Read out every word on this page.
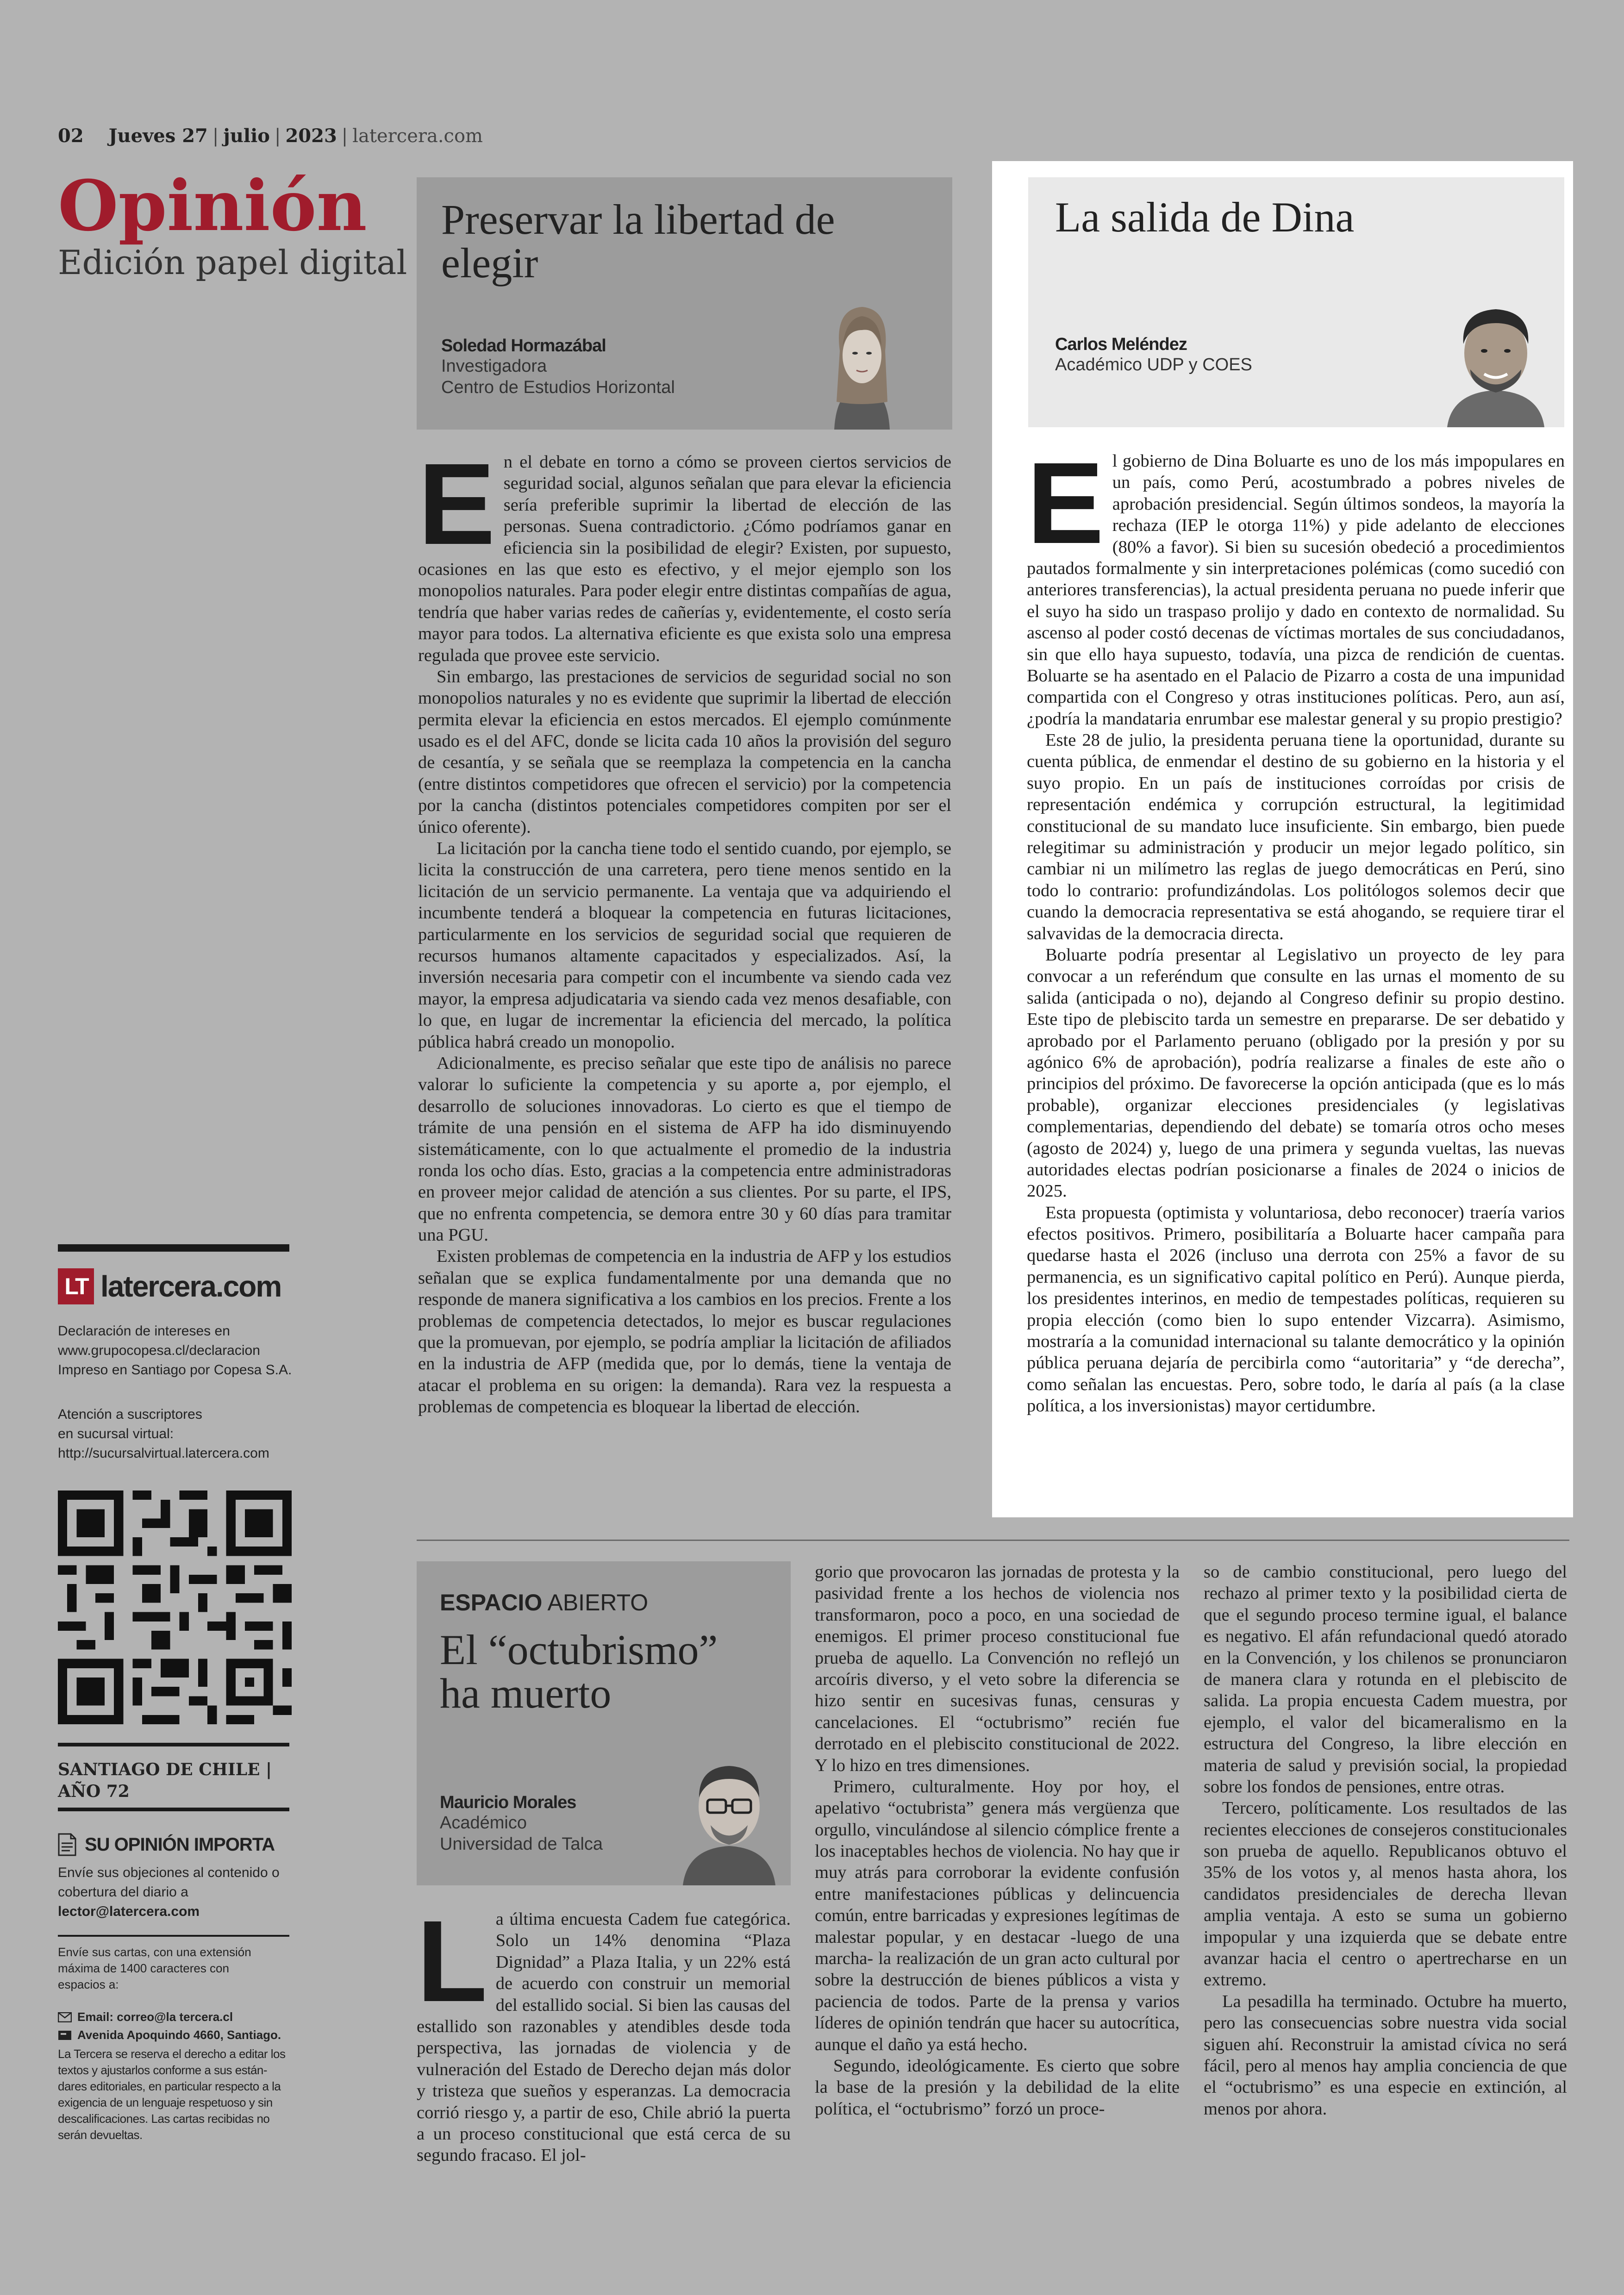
02 Jueves 27 | julio | 2023 | latercera.com
Opinión
Edición papel digital
Preservar la libertad de elegir
Soledad Hormazábal
Investigadora
Centro de Estudios Horizontal

En el debate en torno a cómo se proveen ciertos servicios de seguridad social, algunos señalan que para elevar la eficiencia sería preferible suprimir la libertad de elección de las personas. Suena contradictorio. ¿Cómo podríamos ganar en eficiencia sin la posibilidad de elegir? Existen, por supuesto, ocasiones en las que esto es efectivo, y el mejor ejemplo son los monopolios naturales. Para poder elegir entre distintas compañías de agua, tendría que haber varias redes de cañerías y, evidentemente, el costo sería mayor para todos. La alternativa eficiente es que exista solo una empresa regulada que provee este servicio.

Sin embargo, las prestaciones de servicios de seguridad social no son monopolios naturales y no es evidente que suprimir la libertad de elección permita elevar la eficiencia en estos mercados. El ejemplo comúnmente usado es el del AFC, donde se licita cada 10 años la provisión del seguro de cesantía, y se señala que se reemplaza la competencia en la cancha (entre distintos competidores que ofrecen el servicio) por la competencia por la cancha (distintos potenciales competidores compiten por ser el único oferente).

La licitación por la cancha tiene todo el sentido cuando, por ejemplo, se licita la construcción de una carretera, pero tiene menos sentido en la licitación de un servicio permanente. La ventaja que va adquiriendo el incumbente tenderá a bloquear la competencia en futuras licitaciones, particularmente en los servicios de seguridad social que requieren de recursos humanos altamente capacitados y especializados. Así, la inversión necesaria para competir con el incumbente va siendo cada vez mayor, la empresa adjudicataria va siendo cada vez menos desafiable, con lo que, en lugar de incrementar la eficiencia del mercado, la política pública habrá creado un monopolio.

Adicionalmente, es preciso señalar que este tipo de análisis no parece valorar lo suficiente la competencia y su aporte a, por ejemplo, el desarrollo de soluciones innovadoras. Lo cierto es que el tiempo de trámite de una pensión en el sistema de AFP ha ido disminuyendo sistemáticamente, con lo que actualmente el promedio de la industria ronda los ocho días. Esto, gracias a la competencia entre administradoras en proveer mejor calidad de atención a sus clientes. Por su parte, el IPS, que no enfrenta competencia, se demora entre 30 y 60 días para tramitar una PGU.

Existen problemas de competencia en la industria de AFP y los estudios señalan que se explica fundamentalmente por una demanda que no responde de manera significativa a los cambios en los precios. Frente a los problemas de competencia detectados, lo mejor es buscar regulaciones que la promuevan, por ejemplo, se podría ampliar la licitación de afiliados en la industria de AFP (medida que, por lo demás, tiene la ventaja de atacar el problema en su origen: la demanda). Rara vez la respuesta a problemas de competencia es bloquear la libertad de elección.

La salida de Dina
Carlos Meléndez
Académico UDP y COES

El gobierno de Dina Boluarte es uno de los más impopulares en un país, como Perú, acostumbrado a pobres niveles de aprobación presidencial. Según últimos sondeos, la mayoría la rechaza (IEP le otorga 11%) y pide adelanto de elecciones (80% a favor). Si bien su sucesión obedeció a procedimientos pautados formalmente y sin interpretaciones polémicas (como sucedió con anteriores transferencias), la actual presidenta peruana no puede inferir que el suyo ha sido un traspaso prolijo y dado en contexto de normalidad. Su ascenso al poder costó decenas de víctimas mortales de sus conciudadanos, sin que ello haya supuesto, todavía, una pizca de rendición de cuentas. Boluarte se ha asentado en el Palacio de Pizarro a costa de una impunidad compartida con el Congreso y otras instituciones políticas. Pero, aun así, ¿podría la mandataria enrumbar ese malestar general y su propio prestigio?

Este 28 de julio, la presidenta peruana tiene la oportunidad, durante su cuenta pública, de enmendar el destino de su gobierno en la historia y el suyo propio. En un país de instituciones corroídas por crisis de representación endémica y corrupción estructural, la legitimidad constitucional de su mandato luce insuficiente. Sin embargo, bien puede relegitimar su administración y producir un mejor legado político, sin cambiar ni un milímetro las reglas de juego democráticas en Perú, sino todo lo contrario: profundizándolas. Los politólogos solemos decir que cuando la democracia representativa se está ahogando, se requiere tirar el salvavidas de la democracia directa.

Boluarte podría presentar al Legislativo un proyecto de ley para convocar a un referéndum que consulte en las urnas el momento de su salida (anticipada o no), dejando al Congreso definir su propio destino. Este tipo de plebiscito tarda un semestre en prepararse. De ser debatido y aprobado por el Parlamento peruano (obligado por la presión y por su agónico 6% de aprobación), podría realizarse a finales de este año o principios del próximo. De favorecerse la opción anticipada (que es lo más probable), organizar elecciones presidenciales (y legislativas complementarias, dependiendo del debate) se tomaría otros ocho meses (agosto de 2024) y, luego de una primera y segunda vueltas, las nuevas autoridades electas podrían posicionarse a finales de 2024 o inicios de 2025.

Esta propuesta (optimista y voluntariosa, debo reconocer) traería varios efectos positivos. Primero, posibilitaría a Boluarte hacer campaña para quedarse hasta el 2026 (incluso una derrota con 25% a favor de su permanencia, es un significativo capital político en Perú). Aunque pierda, los presidentes interinos, en medio de tempestades políticas, requieren su propia elección (como bien lo supo entender Vizcarra). Asimismo, mostraría a la comunidad internacional su talante democrático y la opinión pública peruana dejaría de percibirla como “autoritaria” y “de derecha”, como señalan las encuestas. Pero, sobre todo, le daría al país (a la clase política, a los inversionistas) mayor certidumbre.

ESPACIO ABIERTO
El “octubrismo” ha muerto
Mauricio Morales
Académico
Universidad de Talca

La última encuesta Cadem fue categórica. Solo un 14% denomina “Plaza Dignidad” a Plaza Italia, y un 22% está de acuerdo con construir un memorial del estallido social. Si bien las causas del estallido son razonables y atendibles desde toda perspectiva, las jornadas de violencia y de vulneración del Estado de Derecho dejan más dolor y tristeza que sueños y esperanzas. La democracia corrió riesgo y, a partir de eso, Chile abrió la puerta a un proceso constitucional que está cerca de su segundo fracaso. El jol-

gorio que provocaron las jornadas de protesta y la pasividad frente a los hechos de violencia nos transformaron, poco a poco, en una sociedad de enemigos. El primer proceso constitucional fue prueba de aquello. La Convención no reflejó un arcoíris diverso, y el veto sobre la diferencia se hizo sentir en sucesivas funas, censuras y cancelaciones. El “octubrismo” recién fue derrotado en el plebiscito constitucional de 2022. Y lo hizo en tres dimensiones.

Primero, culturalmente. Hoy por hoy, el apelativo “octubrista” genera más vergüenza que orgullo, vinculándose al silencio cómplice frente a los inaceptables hechos de violencia. No hay que ir muy atrás para corroborar la evidente confusión entre manifestaciones públicas y delincuencia común, entre barricadas y expresiones legítimas de malestar popular, y en destacar -luego de una marcha- la realización de un gran acto cultural por sobre la destrucción de bienes públicos a vista y paciencia de todos. Parte de la prensa y varios líderes de opinión tendrán que hacer su autocrítica, aunque el daño ya está hecho.

Segundo, ideológicamente. Es cierto que sobre la base de la presión y la debilidad de la elite política, el “octubrismo” forzó un proce-

so de cambio constitucional, pero luego del rechazo al primer texto y la posibilidad cierta de que el segundo proceso termine igual, el balance es negativo. El afán refundacional quedó atorado en la Convención, y los chilenos se pronunciaron de manera clara y rotunda en el plebiscito de salida. La propia encuesta Cadem muestra, por ejemplo, el valor del bicameralismo en la estructura del Congreso, la libre elección en materia de salud y previsión social, la propiedad sobre los fondos de pensiones, entre otras.

Tercero, políticamente. Los resultados de las recientes elecciones de consejeros constitucionales son prueba de aquello. Republicanos obtuvo el 35% de los votos y, al menos hasta ahora, los candidatos presidenciales de derecha llevan amplia ventaja. A esto se suma un gobierno impopular y una izquierda que se debate entre avanzar hacia el centro o apertrecharse en un extremo.

La pesadilla ha terminado. Octubre ha muerto, pero las consecuencias sobre nuestra vida social siguen ahí. Reconstruir la amistad cívica no será fácil, pero al menos hay amplia conciencia de que el “octubrismo” es una especie en extinción, al menos por ahora.

LT latercera.com
Declaración de intereses en
www.grupocopesa.cl/declaracion
Impreso en Santiago por Copesa S.A.
Atención a suscriptores
en sucursal virtual:
http://sucursalvirtual.latercera.com
SANTIAGO DE CHILE |
AÑO 72
SU OPINIÓN IMPORTA
Envíe sus objeciones al contenido o
cobertura del diario a
lector@latercera.com
Envíe sus cartas, con una extensión
máxima de 1400 caracteres con
espacios a:
Email: correo@la tercera.cl
Avenida Apoquindo 4660, Santiago.
La Tercera se reserva el derecho a editar los
textos y ajustarlos conforme a sus están-
dares editoriales, en particular respecto a la
exigencia de un lenguaje respetuoso y sin
descalificaciones. Las cartas recibidas no
serán devueltas.
